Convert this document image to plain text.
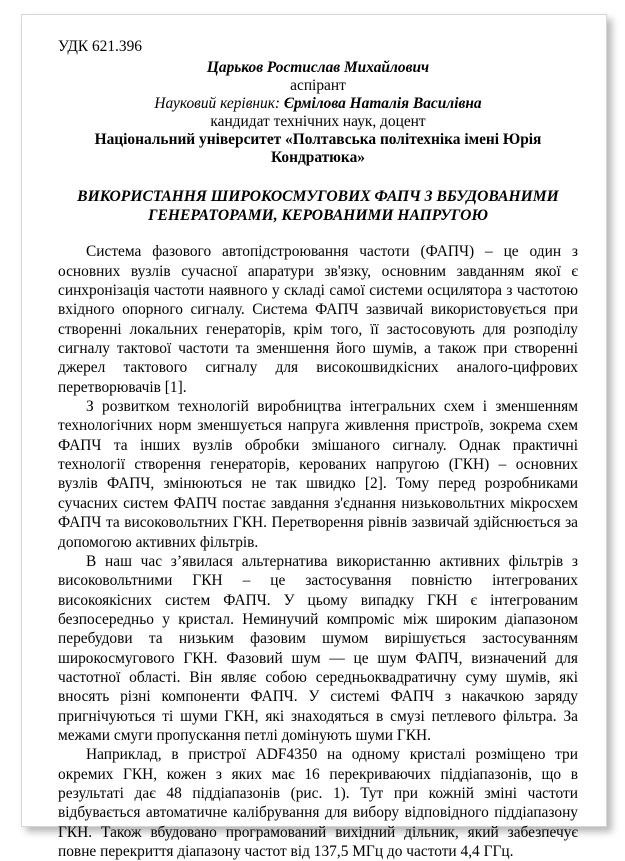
УДК 621.396

Царьков Ростислав Михайлович

аспірант

Науковий керівник: Єрмілова Наталія Василівна

кандидат технічних наук, доцент

Національний університет «Полтавська політехніка імені Юрія Кондратюка»

ВИКОРИСТАННЯ ШИРОКОСМУГОВИХ ФАПЧ З ВБУДОВАНИМИ ГЕНЕРАТОРАМИ, КЕРОВАНИМИ НАПРУГОЮ

Система фазового автопідстроювання частоти (ФАПЧ) – це один з основних вузлів сучасної апаратури зв'язку, основним завданням якої є синхронізація частоти наявного у складі самої системи осцилятора з частотою вхідного опорного сигналу. Система ФАПЧ зазвичай використовується при створенні локальних генераторів, крім того, її застосовують для розподілу сигналу тактової частоти та зменшення його шумів, а також при створенні джерел тактового сигналу для високошвидкісних аналого-цифрових перетворювачів [1].

З розвитком технологій виробництва інтегральних схем і зменшенням технологічних норм зменшується напруга живлення пристроїв, зокрема схем ФАПЧ та інших вузлів обробки змішаного сигналу. Однак практичні технології створення генераторів, керованих напругою (ГКН) – основних вузлів ФАПЧ, змінюються не так швидко [2]. Тому перед розробниками сучасних систем ФАПЧ постає завдання з'єднання низьковольтних мікросхем ФАПЧ та високовольтних ГКН. Перетворення рівнів зазвичай здійснюється за допомогою активних фільтрів.

В наш час з’явилася альтернатива використанню активних фільтрів з високовольтними ГКН – це застосування повністю інтегрованих високоякісних систем ФАПЧ. У цьому випадку ГКН є інтегрованим безпосередньо у кристал. Неминучий компроміс між широким діапазоном перебудови та низьким фазовим шумом вирішується застосуванням широкосмугового ГКН. Фазовий шум — це шум ФАПЧ, визначений для частотної області. Він являє собою середньоквадратичну суму шумів, які вносять різні компоненти ФАПЧ. У системі ФАПЧ з накачкою заряду пригнічуються ті шуми ГКН, які знаходяться в смузі петлевого фільтра. За межами смуги пропускання петлі домінують шуми ГКН.

Наприклад, в пристрої ADF4350 на одному кристалі розміщено три окремих ГКН, кожен з яких має 16 перекриваючих піддіапазонів, що в результаті дає 48 піддіапазонів (рис. 1). Тут при кожній зміні частоти відбувається автоматичне калібрування для вибору відповідного піддіапазону ГКН. Також вбудовано програмований вихідний дільник, який забезпечує повне перекриття діапазону частот від 137,5 МГц до частоти 4,4 ГГц.
